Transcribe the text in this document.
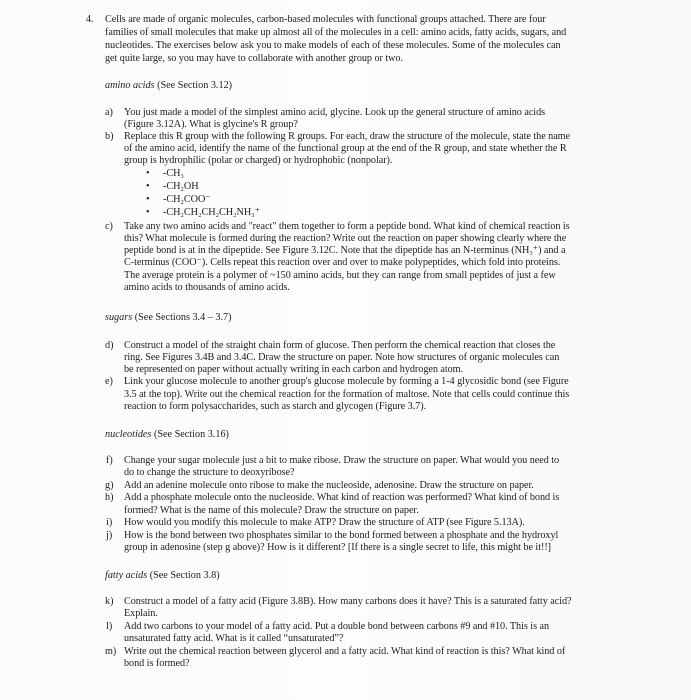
4. Cells are made of organic molecules, carbon-based molecules with functional groups attached. There are four
families of small molecules that make up almost all of the molecules in a cell: amino acids, fatty acids, sugars, and
nucleotides. The exercises below ask you to make models of each of these molecules. Some of the molecules can
get quite large, so you may have to collaborate with another group or two.
amino acids (See Section 3.12)
a) You just made a model of the simplest amino acid, glycine. Look up the general structure of amino acids
(Figure 3.12A). What is glycine's R group?
b) Replace this R group with the following R groups. For each, draw the structure of the molecule, state the name
of the amino acid, identify the name of the functional group at the end of the R group, and state whether the R
group is hydrophilic (polar or charged) or hydrophobic (nonpolar).
• -CH₃
• -CH₂OH
• -CH₂COO⁻
• -CH₂CH₂CH₂CH₂NH₃⁺
c) Take any two amino acids and "react" them together to form a peptide bond. What kind of chemical reaction is
this? What molecule is formed during the reaction? Write out the reaction on paper showing clearly where the
peptide bond is at in the dipeptide. See Figure 3.12C. Note that the dipeptide has an N-terminus (NH₃⁺) and a
C-terminus (COO⁻). Cells repeat this reaction over and over to make polypeptides, which fold into proteins.
The average protein is a polymer of ~150 amino acids, but they can range from small peptides of just a few
amino acids to thousands of amino acids.
sugars (See Sections 3.4 – 3.7)
d) Construct a model of the straight chain form of glucose. Then perform the chemical reaction that closes the
ring. See Figures 3.4B and 3.4C. Draw the structure on paper. Note how structures of organic molecules can
be represented on paper without actually writing in each carbon and hydrogen atom.
e) Link your glucose molecule to another group's glucose molecule by forming a 1-4 glycosidic bond (see Figure
3.5 at the top). Write out the chemical reaction for the formation of maltose. Note that cells could continue this
reaction to form polysaccharides, such as starch and glycogen (Figure 3.7).
nucleotides (See Section 3.16)
f) Change your sugar molecule just a bit to make ribose. Draw the structure on paper. What would you need to
do to change the structure to deoxyribose?
g) Add an adenine molecule onto ribose to make the nucleoside, adenosine. Draw the structure on paper.
h) Add a phosphate molecule onto the nucleoside. What kind of reaction was performed? What kind of bond is
formed? What is the name of this molecule? Draw the structure on paper.
i) How would you modify this molecule to make ATP? Draw the structure of ATP (see Figure 5.13A).
j) How is the bond between two phosphates similar to the bond formed between a phosphate and the hydroxyl
group in adenosine (step g above)? How is it different? [If there is a single secret to life, this might be it!!]
fatty acids (See Section 3.8)
k) Construct a model of a fatty acid (Figure 3.8B). How many carbons does it have? This is a saturated fatty acid?
Explain.
l) Add two carbons to your model of a fatty acid. Put a double bond between carbons #9 and #10. This is an
unsaturated fatty acid. What is it called “unsaturated”?
m) Write out the chemical reaction between glycerol and a fatty acid. What kind of reaction is this? What kind of
bond is formed?
